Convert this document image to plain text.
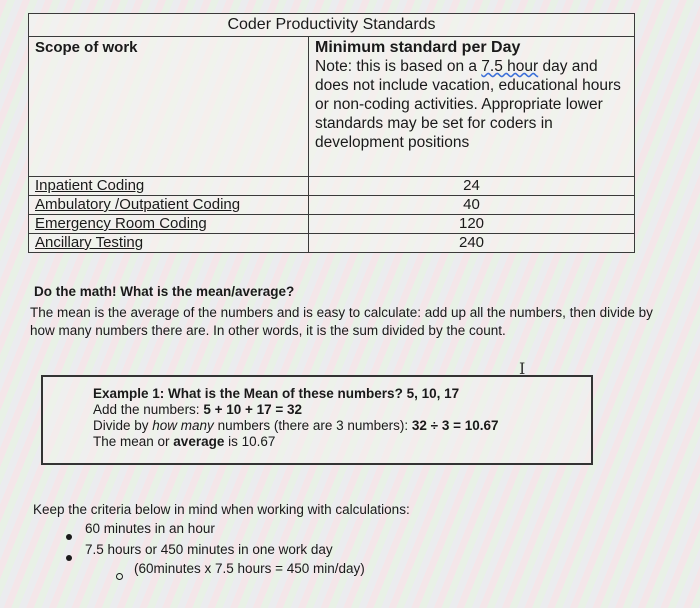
Coder Productivity Standards	
Scope of work	Minimum standard per Day
Note: this is based on a 7.5 hour day and does not include vacation, educational hours or non-coding activities. Appropriate lower standards may be set for coders in development positions
Inpatient Coding	24
Ambulatory /Outpatient Coding	40
Emergency Room Coding	120
Ancillary Testing	240
Do the math! What is the mean/average?
The mean is the average of the numbers and is easy to calculate: add up all the numbers, then divide by how many numbers there are. In other words, it is the sum divided by the count.
I
Example 1: What is the Mean of these numbers? 5, 10, 17
Add the numbers: 5 + 10 + 17 = 32
Divide by how many numbers (there are 3 numbers): 32 ÷ 3 = 10.67
The mean or average is 10.67
Keep the criteria below in mind when working with calculations:
60 minutes in an hour
7.5 hours or 450 minutes in one work day
(60minutes x 7.5 hours = 450 min/day)
